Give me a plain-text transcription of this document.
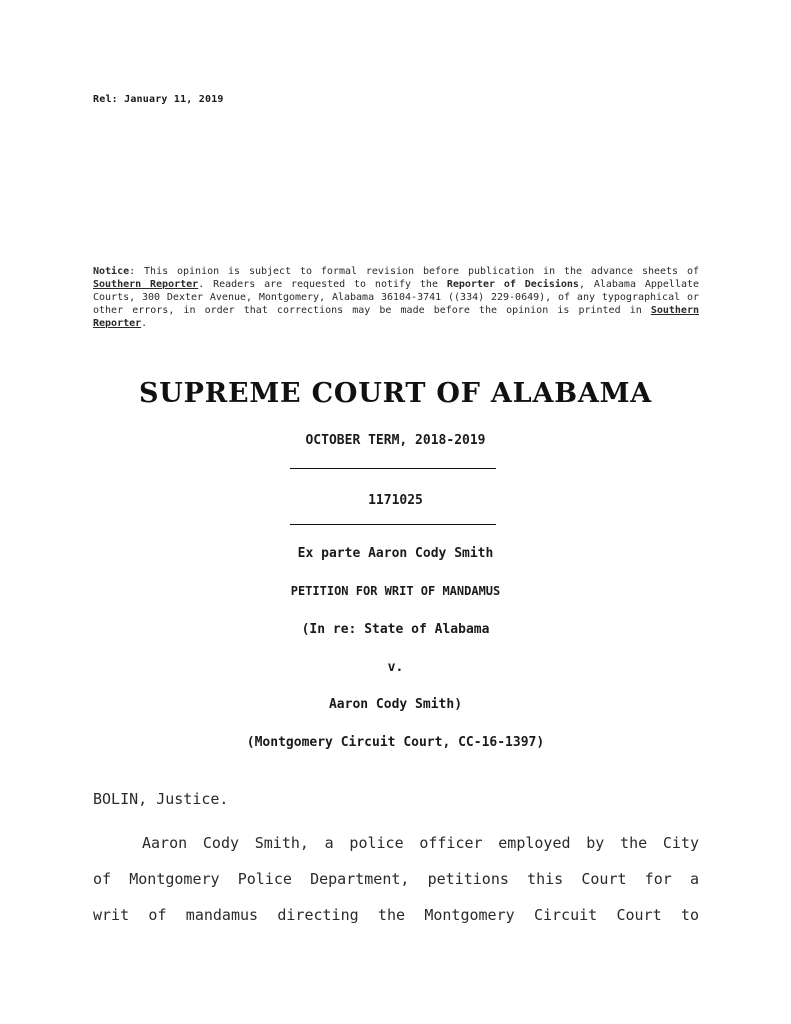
Rel: January 11, 2019
Notice: This opinion is subject to formal revision before publication in the advance sheets of Southern Reporter. Readers are requested to notify the Reporter of Decisions, Alabama Appellate Courts, 300 Dexter Avenue, Montgomery, Alabama 36104-3741 ((334) 229-0649), of any typographical or other errors, in order that corrections may be made before the opinion is printed in Southern Reporter.
SUPREME COURT OF ALABAMA
OCTOBER TERM, 2018-2019
1171025
Ex parte Aaron Cody Smith
PETITION FOR WRIT OF MANDAMUS
(In re: State of Alabama
v.
Aaron Cody Smith)
(Montgomery Circuit Court, CC-16-1397)
BOLIN, Justice.
Aaron Cody Smith, a police officer employed by the City
of Montgomery Police Department, petitions this Court for a
writ of mandamus directing the Montgomery Circuit Court to
